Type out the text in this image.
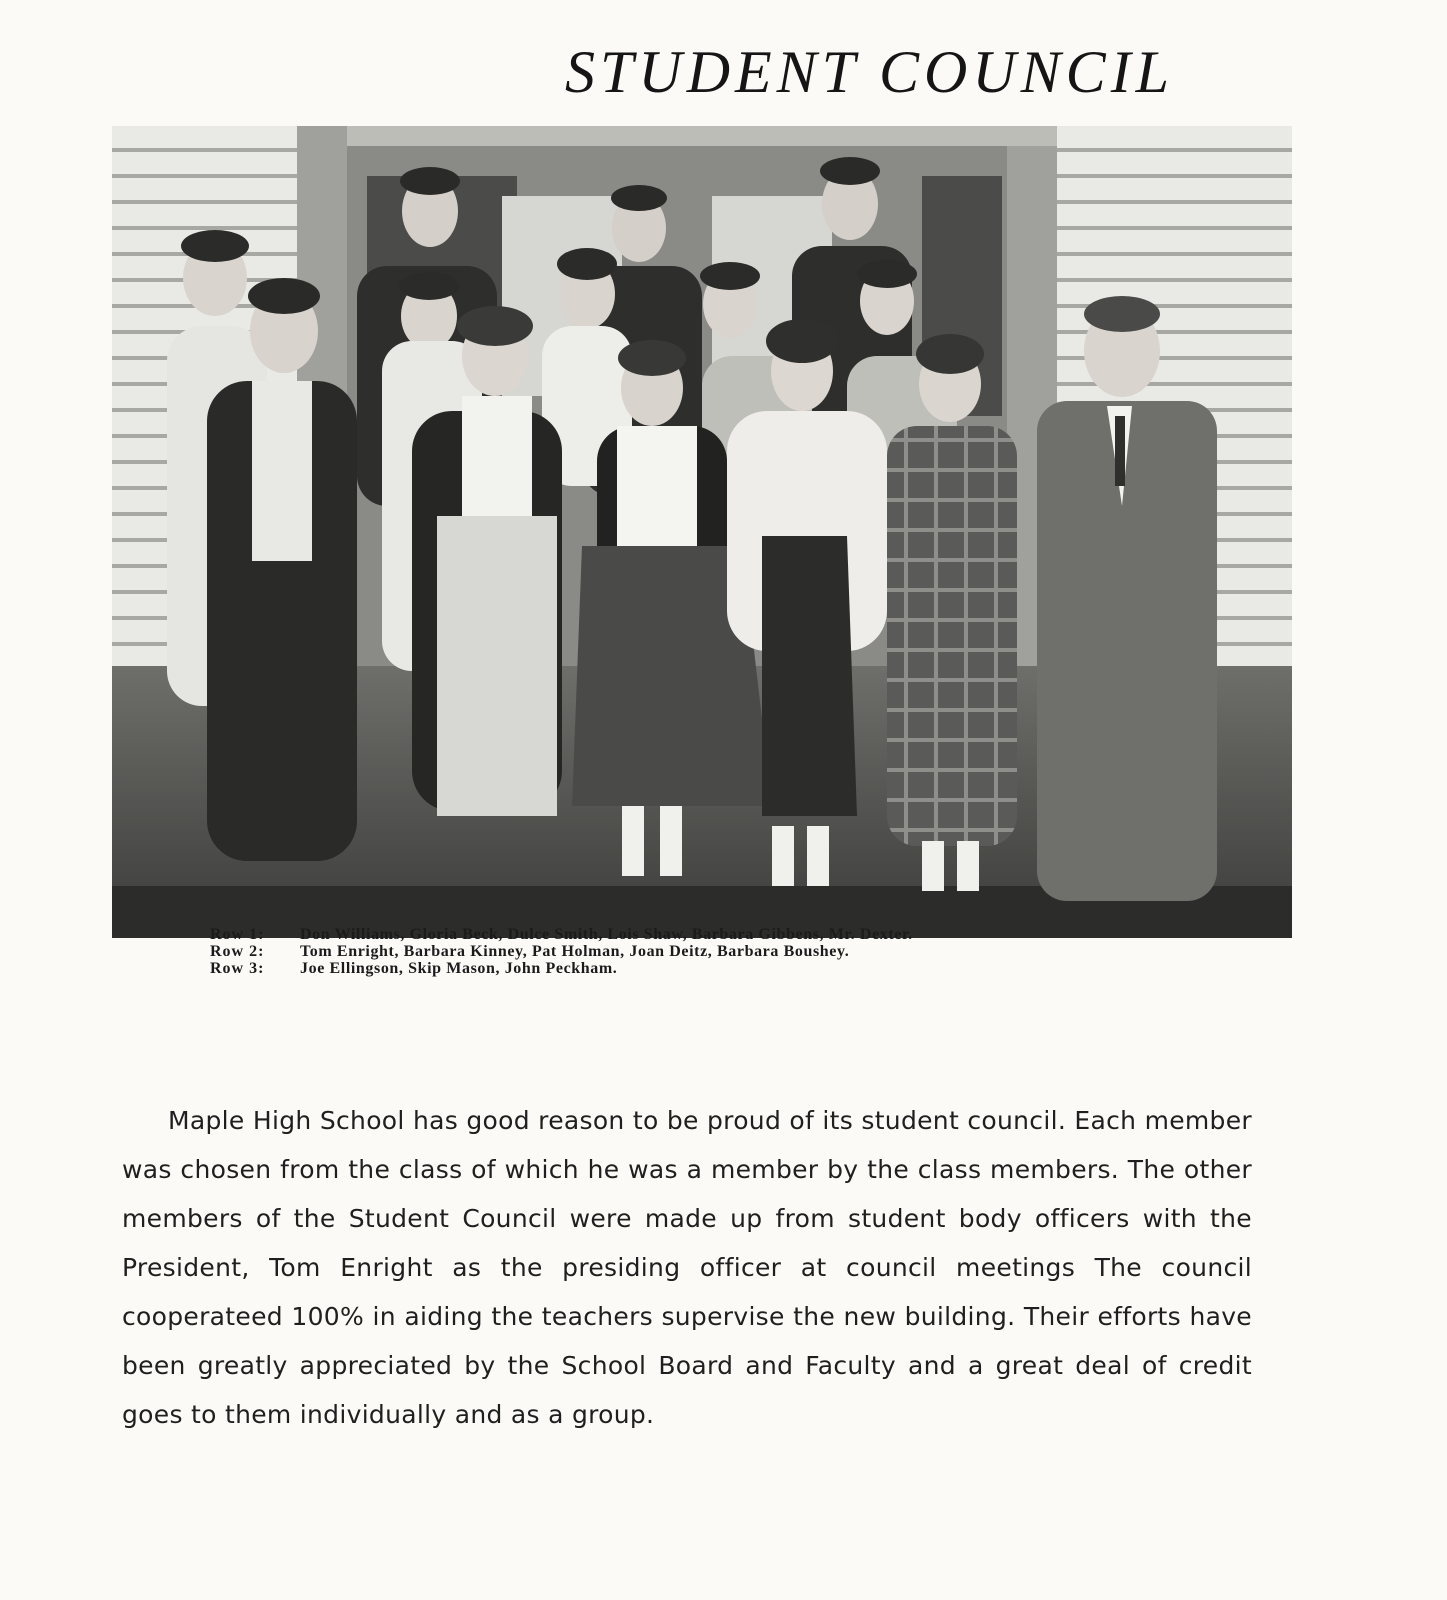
STUDENT COUNCIL
Row 1:	Don Williams, Gloria Beck, Dulce Smith, Lois Shaw, Barbara Gibbens, Mr. Dexter.
Row 2:	Tom Enright, Barbara Kinney, Pat Holman, Joan Deitz, Barbara Boushey.
Row 3:	Joe Ellingson, Skip Mason, John Peckham.

Maple High School has good reason to be proud of its student council. Each member was chosen from the class of which he was a member by the class members. The other members of the Student Council were made up from student body officers with the President, Tom Enright as the presiding officer at council meetings The council cooperateed 100% in aiding the teachers supervise the new building. Their efforts have been greatly appreciated by the School Board and Faculty and a great deal of credit goes to them individually and as a group.
